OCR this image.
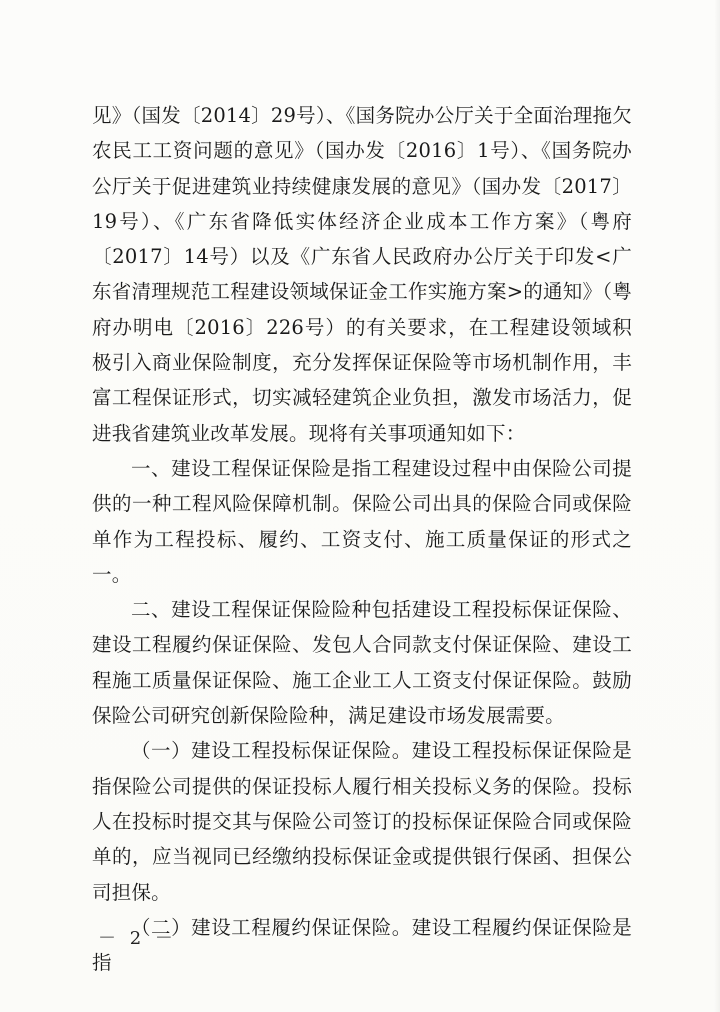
见》（国发〔2014〕29号）、《国务院办公厅关于全面治理拖欠农民工工资问题的意见》（国办发〔2016〕1号）、《国务院办公厅关于促进建筑业持续健康发展的意见》（国办发〔2017〕19号）、《广东省降低实体经济企业成本工作方案》（粤府〔2017〕14号）以及《广东省人民政府办公厅关于印发<广东省清理规范工程建设领域保证金工作实施方案>的通知》（粤府办明电〔2016〕226号）的有关要求，在工程建设领域积极引入商业保险制度，充分发挥保证保险等市场机制作用，丰富工程保证形式，切实减轻建筑企业负担，激发市场活力，促进我省建筑业改革发展。现将有关事项通知如下：

一、建设工程保证保险是指工程建设过程中由保险公司提供的一种工程风险保障机制。保险公司出具的保险合同或保险单作为工程投标、履约、工资支付、施工质量保证的形式之一。

二、建设工程保证保险险种包括建设工程投标保证保险、建设工程履约保证保险、发包人合同款支付保证保险、建设工程施工质量保证保险、施工企业工人工资支付保证保险。鼓励保险公司研究创新保险险种，满足建设市场发展需要。

（一）建设工程投标保证保险。建设工程投标保证保险是指保险公司提供的保证投标人履行相关投标义务的保险。投标人在投标时提交其与保险公司签订的投标保证保险合同或保险单的，应当视同已经缴纳投标保证金或提供银行保函、担保公司担保。

（二）建设工程履约保证保险。建设工程履约保证保险是指

－ 2 －
